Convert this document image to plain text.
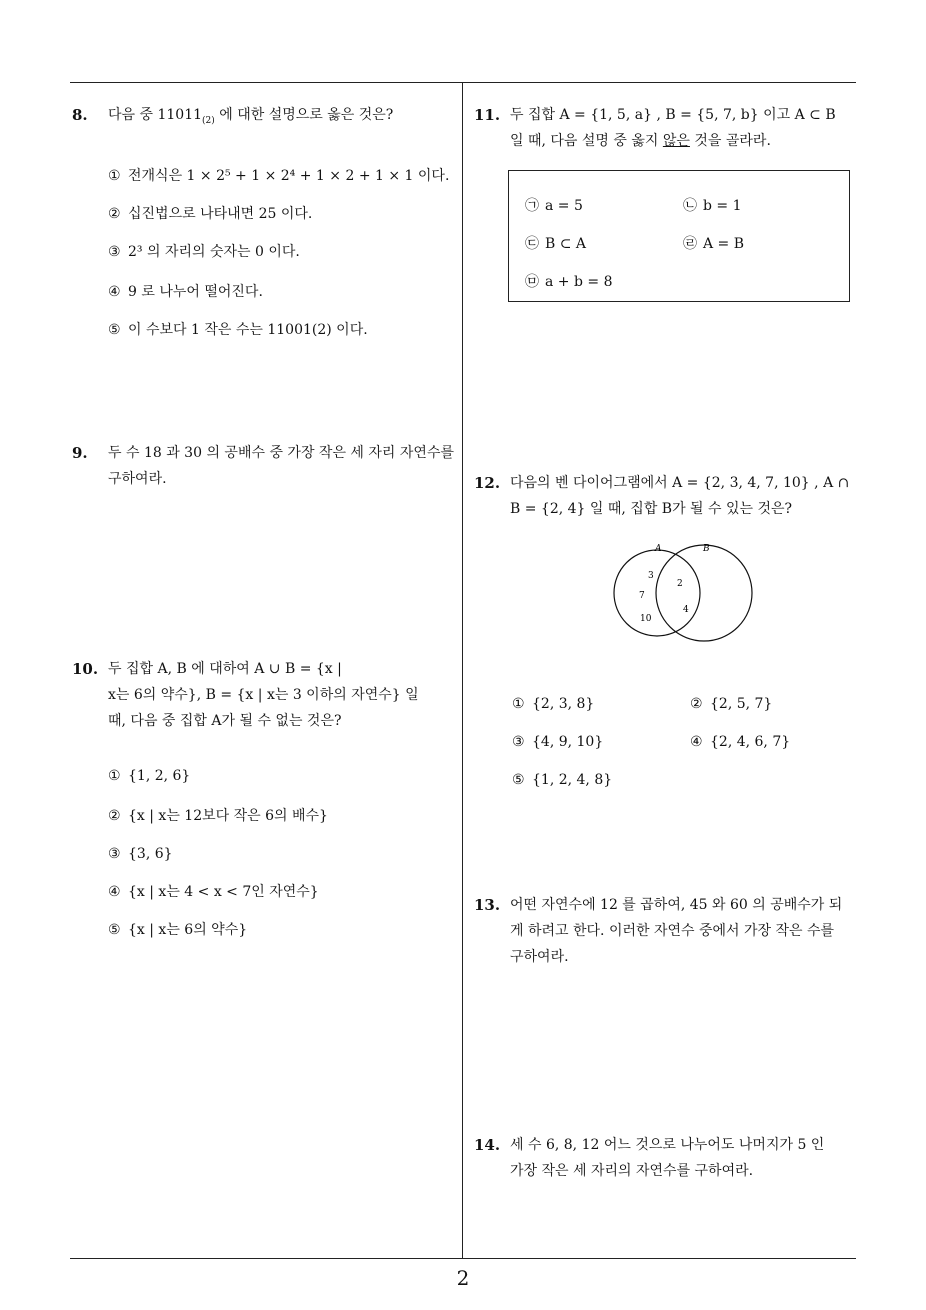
8.	다음 중 $11011_{(2)}$ 에 대한 설명으로 옳은 것은?
① 전개식은 1 × 2⁵ + 1 × 2⁴ + 1 × 2 + 1 × 1 이다.
② 십진법으로 나타내면 25 이다.
③ 2³ 의 자리의 숫자는 0 이다.
④ 9 로 나누어 떨어진다.
⑤ 이 수보다 1 작은 수는 11001(2) 이다.
9.	두 수 18 과 30 의 공배수 중 가장 작은 세 자리 자연수를 구하여라.
10. 두 집합 A, B 에 대하여 A ∪ B = {x |
x는 6의 약수}, B = {x | x는 3 이하의 자연수} 일
때, 다음 중 집합 A가 될 수 없는 것은?
① {1, 2, 6}
② {x | x는 12보다 작은 6의 배수}
③ {3, 6}
④ {x | x는 4 < x < 7인 자연수}
⑤ {x | x는 6의 약수}
11. 두 집합 A = {1, 5, a} , B = {5, 7, b} 이고 A ⊂ B
일 때, 다음 설명 중 옳지 않은 것을 골라라.
㉠ a = 5	㉡ b = 1
㉢ B ⊂ A	㉣ A = B
㉤ a + b = 8
12. 다음의 벤 다이어그램에서 A = {2, 3, 4, 7, 10} , A ∩
B = {2, 4} 일 때, 집합 B가 될 수 있는 것은?
A	B
3
7
10
2
4
① {2, 3, 8}	② {2, 5, 7}
③ {4, 9, 10}	④ {2, 4, 6, 7}
⑤ {1, 2, 4, 8}
13. 어떤 자연수에 12 를 곱하여, 45 와 60 의 공배수가 되
게 하려고 한다. 이러한 자연수 중에서 가장 작은 수를
구하여라.
14. 세 수 6, 8, 12 어느 것으로 나누어도 나머지가 5 인
가장 작은 세 자리의 자연수를 구하여라.
2
